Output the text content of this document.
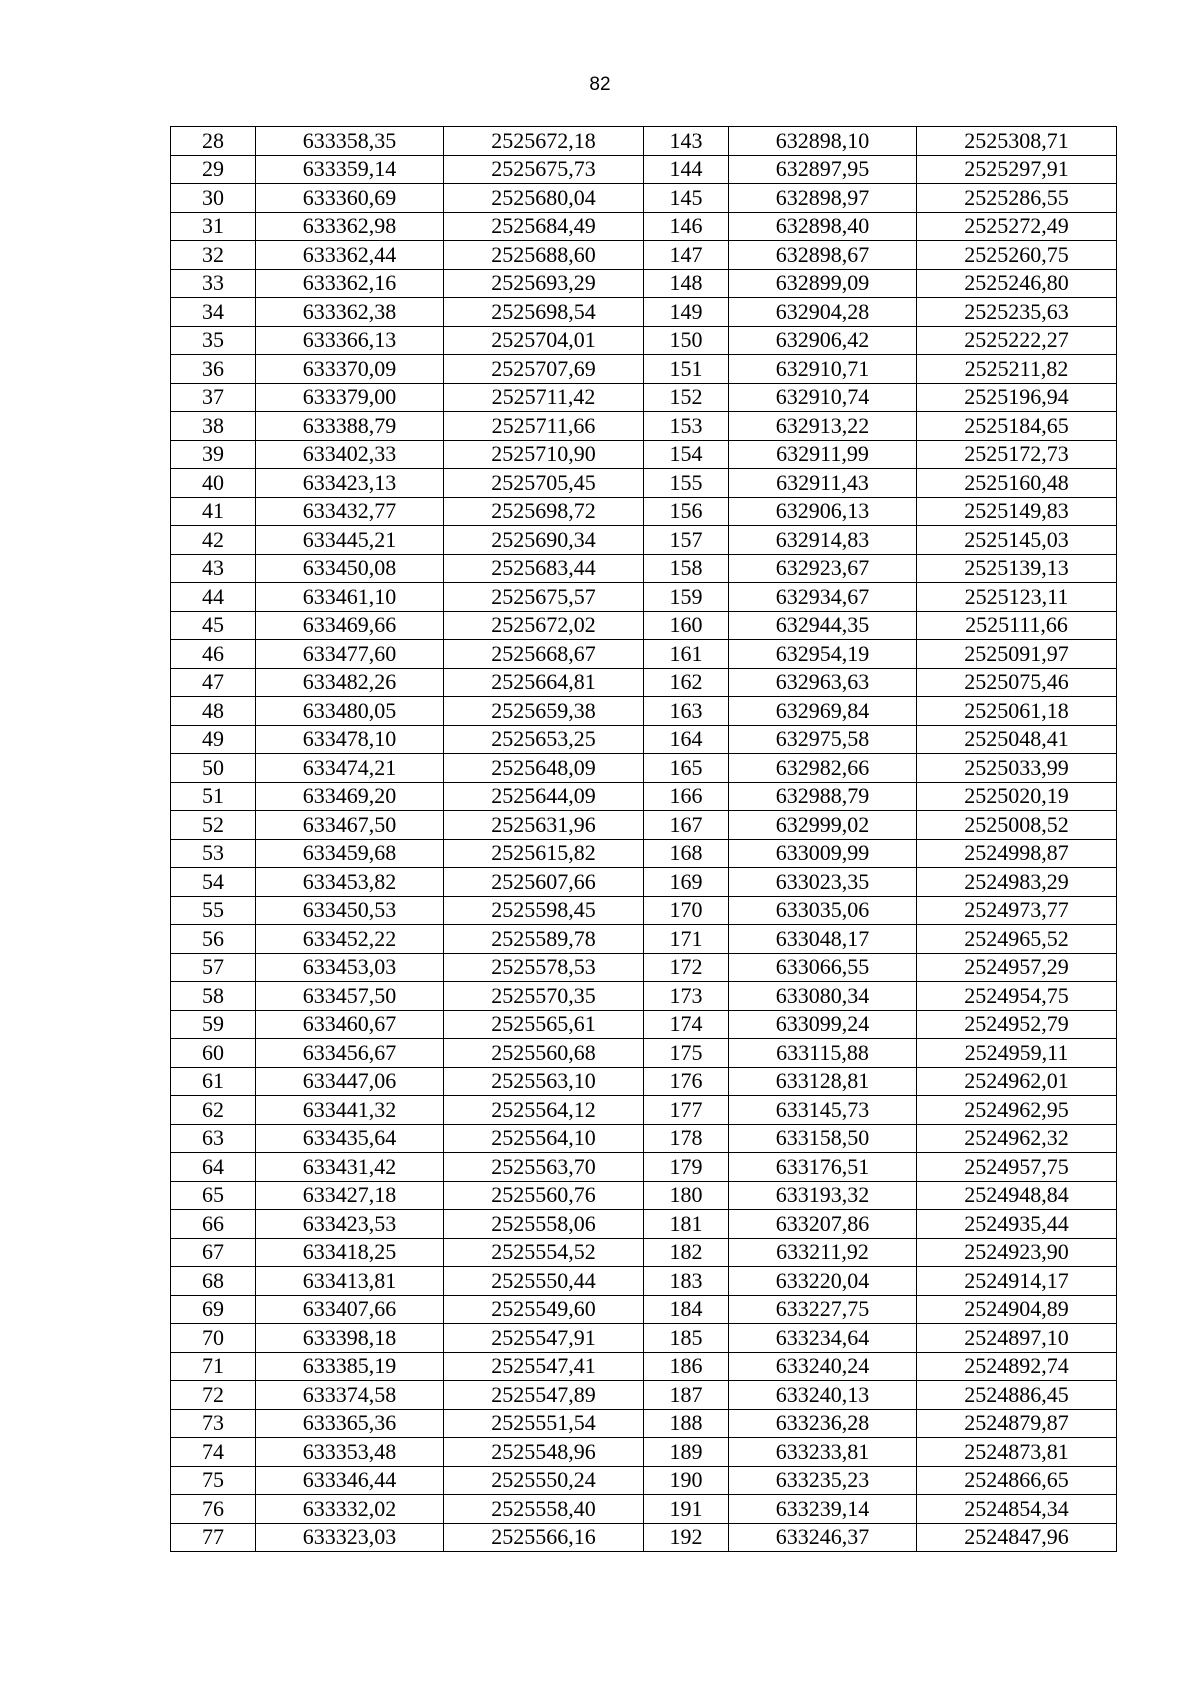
82
28	633358,35	2525672,18	143	632898,10	2525308,71
29	633359,14	2525675,73	144	632897,95	2525297,91
30	633360,69	2525680,04	145	632898,97	2525286,55
31	633362,98	2525684,49	146	632898,40	2525272,49
32	633362,44	2525688,60	147	632898,67	2525260,75
33	633362,16	2525693,29	148	632899,09	2525246,80
34	633362,38	2525698,54	149	632904,28	2525235,63
35	633366,13	2525704,01	150	632906,42	2525222,27
36	633370,09	2525707,69	151	632910,71	2525211,82
37	633379,00	2525711,42	152	632910,74	2525196,94
38	633388,79	2525711,66	153	632913,22	2525184,65
39	633402,33	2525710,90	154	632911,99	2525172,73
40	633423,13	2525705,45	155	632911,43	2525160,48
41	633432,77	2525698,72	156	632906,13	2525149,83
42	633445,21	2525690,34	157	632914,83	2525145,03
43	633450,08	2525683,44	158	632923,67	2525139,13
44	633461,10	2525675,57	159	632934,67	2525123,11
45	633469,66	2525672,02	160	632944,35	2525111,66
46	633477,60	2525668,67	161	632954,19	2525091,97
47	633482,26	2525664,81	162	632963,63	2525075,46
48	633480,05	2525659,38	163	632969,84	2525061,18
49	633478,10	2525653,25	164	632975,58	2525048,41
50	633474,21	2525648,09	165	632982,66	2525033,99
51	633469,20	2525644,09	166	632988,79	2525020,19
52	633467,50	2525631,96	167	632999,02	2525008,52
53	633459,68	2525615,82	168	633009,99	2524998,87
54	633453,82	2525607,66	169	633023,35	2524983,29
55	633450,53	2525598,45	170	633035,06	2524973,77
56	633452,22	2525589,78	171	633048,17	2524965,52
57	633453,03	2525578,53	172	633066,55	2524957,29
58	633457,50	2525570,35	173	633080,34	2524954,75
59	633460,67	2525565,61	174	633099,24	2524952,79
60	633456,67	2525560,68	175	633115,88	2524959,11
61	633447,06	2525563,10	176	633128,81	2524962,01
62	633441,32	2525564,12	177	633145,73	2524962,95
63	633435,64	2525564,10	178	633158,50	2524962,32
64	633431,42	2525563,70	179	633176,51	2524957,75
65	633427,18	2525560,76	180	633193,32	2524948,84
66	633423,53	2525558,06	181	633207,86	2524935,44
67	633418,25	2525554,52	182	633211,92	2524923,90
68	633413,81	2525550,44	183	633220,04	2524914,17
69	633407,66	2525549,60	184	633227,75	2524904,89
70	633398,18	2525547,91	185	633234,64	2524897,10
71	633385,19	2525547,41	186	633240,24	2524892,74
72	633374,58	2525547,89	187	633240,13	2524886,45
73	633365,36	2525551,54	188	633236,28	2524879,87
74	633353,48	2525548,96	189	633233,81	2524873,81
75	633346,44	2525550,24	190	633235,23	2524866,65
76	633332,02	2525558,40	191	633239,14	2524854,34
77	633323,03	2525566,16	192	633246,37	2524847,96
